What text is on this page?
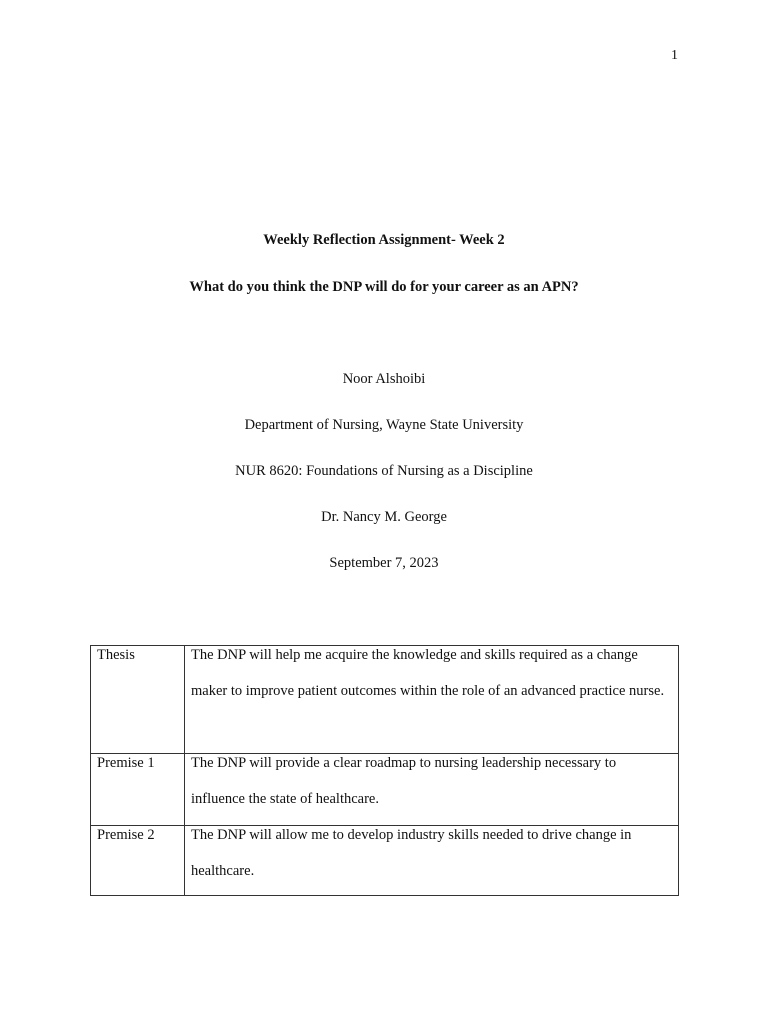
1
Weekly Reflection Assignment- Week 2
What do you think the DNP will do for your career as an APN?
Noor Alshoibi
Department of Nursing, Wayne State University
NUR 8620: Foundations of Nursing as a Discipline
Dr. Nancy M. George
September 7, 2023
Thesis	The DNP will help me acquire the knowledge and skills required as a change maker to improve patient outcomes within the role of an advanced practice nurse.

Premise 1	The DNP will provide a clear roadmap to nursing leadership necessary to influence the state of healthcare.

Premise 2	The DNP will allow me to develop industry skills needed to drive change in healthcare.
